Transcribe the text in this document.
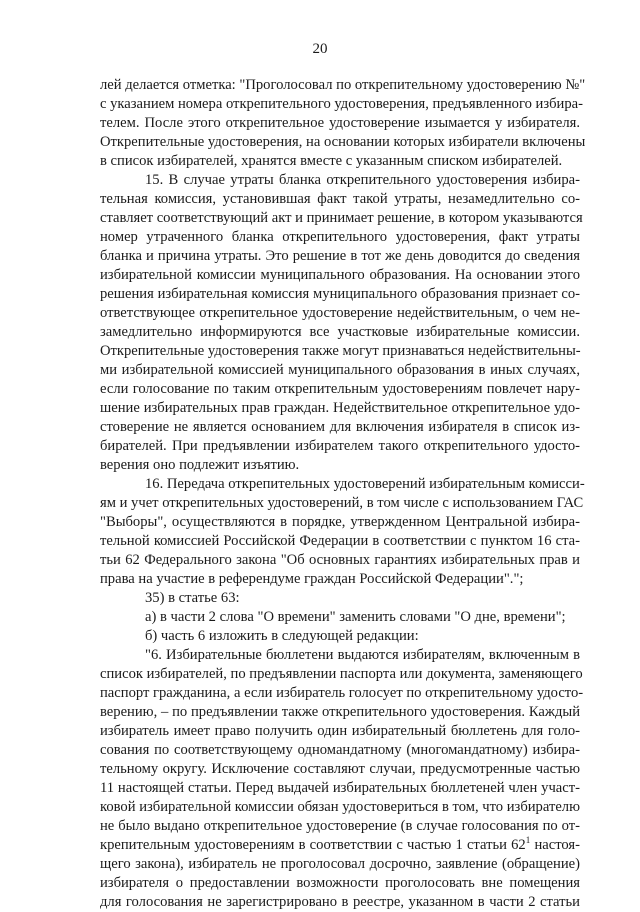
20
лей делается отметка: "Проголосовал по открепительному удостоверению №"
с указанием номера открепительного удостоверения, предъявленного избира-
телем. После этого открепительное удостоверение изымается у избирателя.
Открепительные удостоверения, на основании которых избиратели включены
в список избирателей, хранятся вместе с указанным списком избирателей.
15. В случае утраты бланка открепительного удостоверения избира-
тельная комиссия, установившая факт такой утраты, незамедлительно со-
ставляет соответствующий акт и принимает решение, в котором указываются
номер утраченного бланка открепительного удостоверения, факт утраты
бланка и причина утраты. Это решение в тот же день доводится до сведения
избирательной комиссии муниципального образования. На основании этого
решения избирательная комиссия муниципального образования признает со-
ответствующее открепительное удостоверение недействительным, о чем не-
замедлительно информируются все участковые избирательные комиссии.
Открепительные удостоверения также могут признаваться недействительны-
ми избирательной комиссией муниципального образования в иных случаях,
если голосование по таким открепительным удостоверениям повлечет нару-
шение избирательных прав граждан. Недействительное открепительное удо-
стоверение не является основанием для включения избирателя в список из-
бирателей. При предъявлении избирателем такого открепительного удосто-
верения оно подлежит изъятию.
16. Передача открепительных удостоверений избирательным комисси-
ям и учет открепительных удостоверений, в том числе с использованием ГАС
"Выборы", осуществляются в порядке, утвержденном Центральной избира-
тельной комиссией Российской Федерации в соответствии с пунктом 16 ста-
тьи 62 Федерального закона "Об основных гарантиях избирательных прав и
права на участие в референдуме граждан Российской Федерации".";
35) в статье 63:
а) в части 2 слова "О времени" заменить словами "О дне, времени";
б) часть 6 изложить в следующей редакции:
"6. Избирательные бюллетени выдаются избирателям, включенным в
список избирателей, по предъявлении паспорта или документа, заменяющего
паспорт гражданина, а если избиратель голосует по открепительному удосто-
верению, – по предъявлении также открепительного удостоверения. Каждый
избиратель имеет право получить один избирательный бюллетень для голо-
сования по соответствующему одномандатному (многомандатному) избира-
тельному округу. Исключение составляют случаи, предусмотренные частью
11 настоящей статьи. Перед выдачей избирательных бюллетеней член участ-
ковой избирательной комиссии обязан удостовериться в том, что избирателю
не было выдано открепительное удостоверение (в случае голосования по от-
крепительным удостоверениям в соответствии с частью 1 статьи $62^1$ настоя-
щего закона), избиратель не проголосовал досрочно, заявление (обращение)
избирателя о предоставлении возможности проголосовать вне помещения
для голосования не зарегистрировано в реестре, указанном в части 2 статьи
